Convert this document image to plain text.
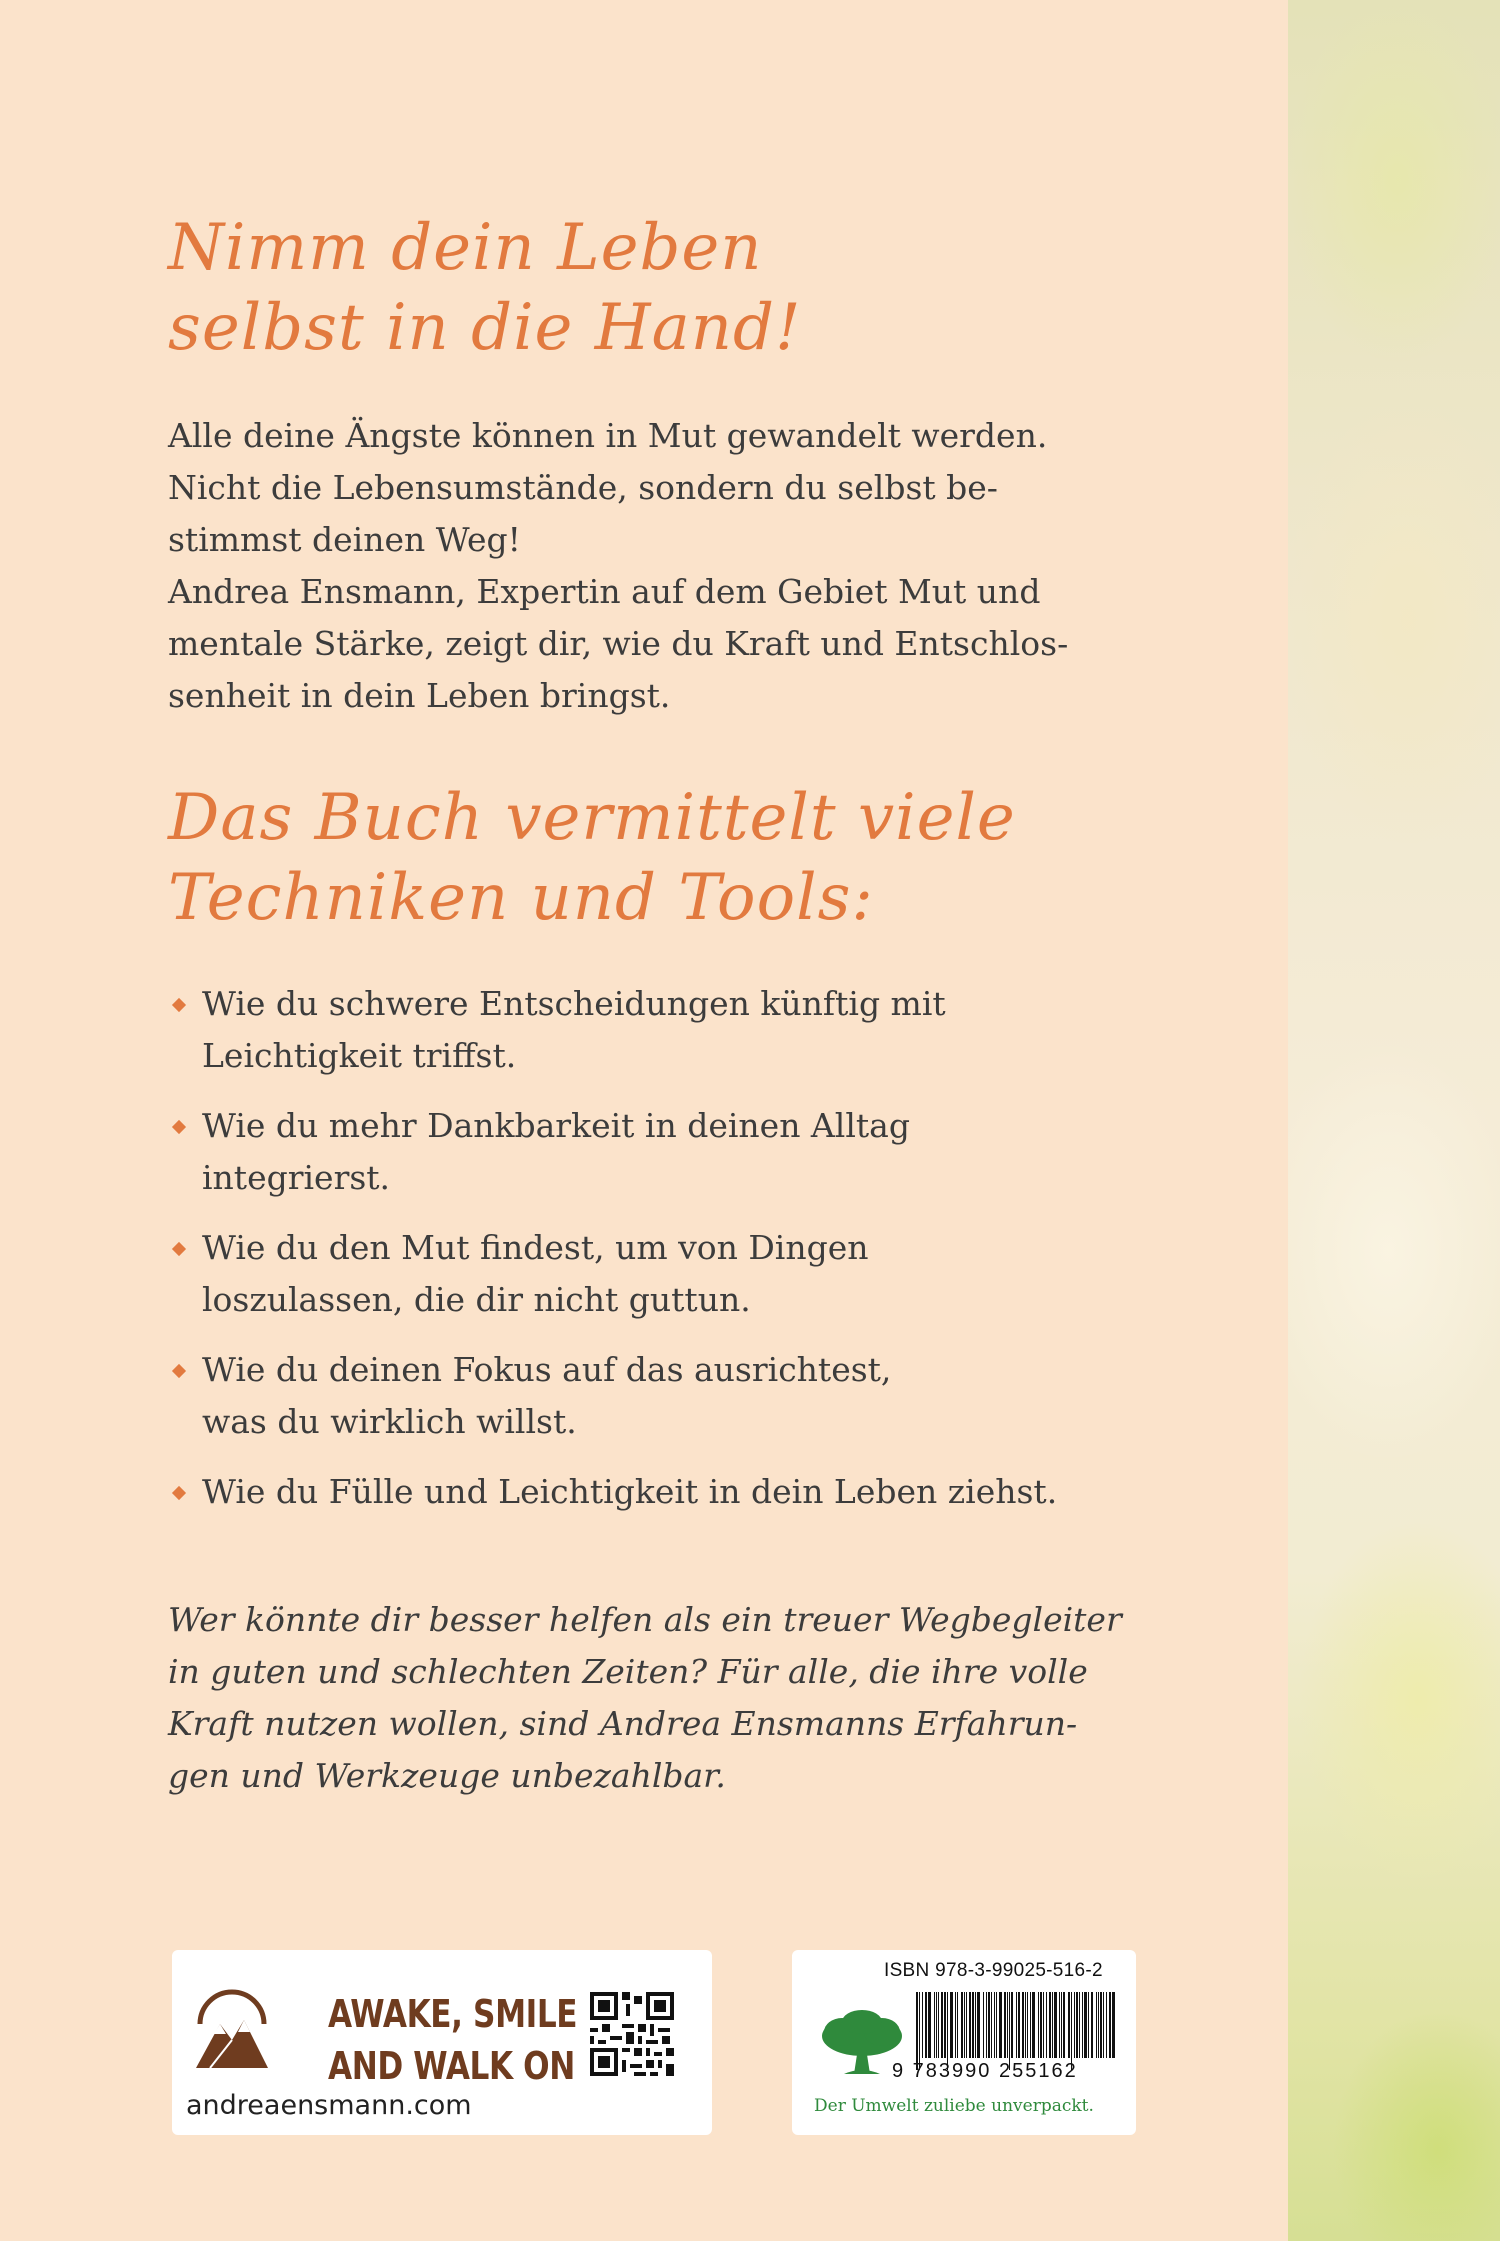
Nimm dein Leben
selbst in die Hand!
Alle deine Ängste können in Mut gewandelt werden.
Nicht die Lebensumstände, sondern du selbst be-
stimmst deinen Weg!
Andrea Ensmann, Expertin auf dem Gebiet Mut und
mentale Stärke, zeigt dir, wie du Kraft und Entschlos-
senheit in dein Leben bringst.
Das Buch vermittelt viele
Techniken und Tools:
Wie du schwere Entscheidungen künftig mit
Leichtigkeit triffst.
Wie du mehr Dankbarkeit in deinen Alltag
integrierst.
Wie du den Mut findest, um von Dingen
loszulassen, die dir nicht guttun.
Wie du deinen Fokus auf das ausrichtest,
was du wirklich willst.
Wie du Fülle und Leichtigkeit in dein Leben ziehst.
Wer könnte dir besser helfen als ein treuer Wegbegleiter
in guten und schlechten Zeiten? Für alle, die ihre volle
Kraft nutzen wollen, sind Andrea Ensmanns Erfahrun-
gen und Werkzeuge unbezahlbar.
AWAKE, SMILE
AND WALK ON
andreaensmann.com
ISBN 978-3-99025-516-2
9 783990 255162
Der Umwelt zuliebe unverpackt.
